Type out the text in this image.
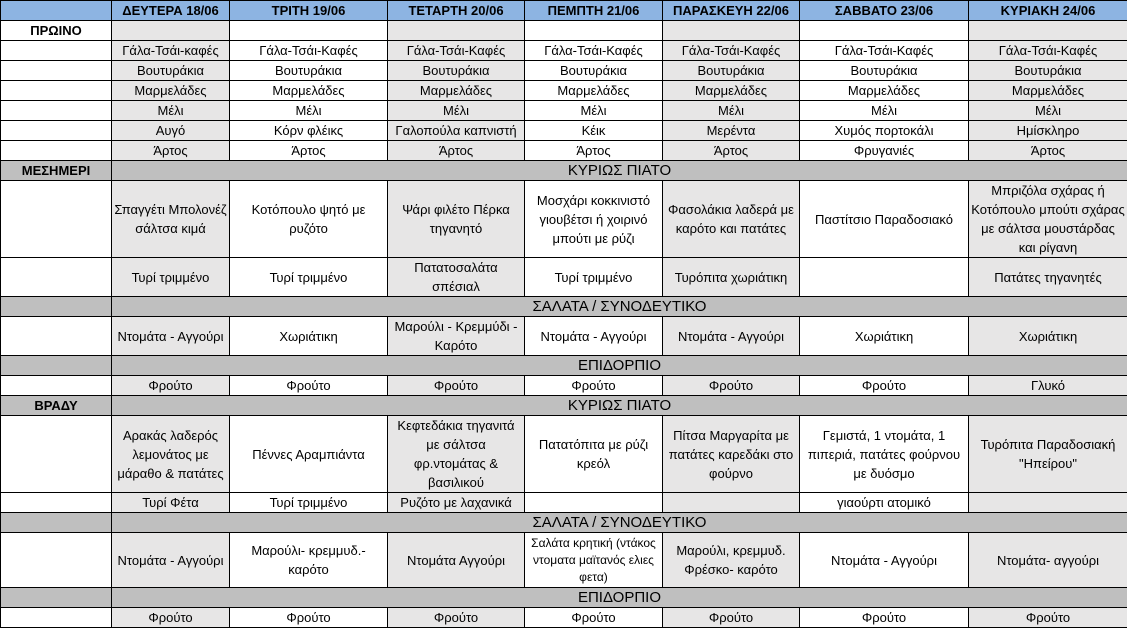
	ΔΕΥΤΕΡΑ 18/06	ΤΡΙΤΗ 19/06	ΤΕΤΑΡΤΗ 20/06	ΠΕΜΠΤΗ 21/06	ΠΑΡΑΣΚΕΥΗ 22/06	ΣΑΒΒΑΤΟ 23/06	ΚΥΡΙΑΚΗ 24/06
ΠΡΩΙΝΟ							
	Γάλα-Τσάι-καφές	Γάλα-Τσάι-Καφές	Γάλα-Τσάι-Καφές	Γάλα-Τσάι-Καφές	Γάλα-Τσάι-Καφές	Γάλα-Τσάι-Καφές	Γάλα-Τσάι-Καφές
	Βουτυράκια	Βουτυράκια	Βουτυράκια	Βουτυράκια	Βουτυράκια	Βουτυράκια	Βουτυράκια
	Μαρμελάδες	Μαρμελάδες	Μαρμελάδες	Μαρμελάδες	Μαρμελάδες	Μαρμελάδες	Μαρμελάδες
	Μέλι	Μέλι	Μέλι	Μέλι	Μέλι	Μέλι	Μέλι
	Αυγό	Κόρν φλέικς	Γαλοπούλα καπνιστή	Κέικ	Μερέντα	Χυμός πορτοκάλι	Ημίσκληρο
	Άρτος	Άρτος	Άρτος	Άρτος	Άρτος	Φρυγανιές	Άρτος
ΜΕΣΗΜΕΡΙ	ΚΥΡΙΩΣ ΠΙΑΤΟ						
	Σπαγγέτι Μπολονέζ σάλτσα κιμά	Κοτόπουλο ψητό με ρυζότο	Ψάρι φιλέτο Πέρκα τηγανητό	Μοσχάρι κοκκινιστό γιουβέτσι ή χοιρινό μπούτι με ρύζι	Φασολάκια λαδερά με καρότο και πατάτες	Παστίτσιο Παραδοσιακό	Μπριζόλα σχάρας ή Κοτόπουλο μπούτι σχάρας με σάλτσα μουστάρδας και ρίγανη
	Τυρί τριμμένο	Τυρί τριμμένο	Πατατοσαλάτα σπέσιαλ	Τυρί τριμμένο	Τυρόπιτα χωριάτικη		Πατάτες τηγανητές
	ΣΑΛΑΤΑ / ΣΥΝΟΔΕΥΤΙΚΟ						
	Ντομάτα - Αγγούρι	Χωριάτικη	Μαρούλι - Κρεμμύδι - Καρότο	Ντομάτα - Αγγούρι	Ντομάτα - Αγγούρι	Χωριάτικη	Χωριάτικη
	ΕΠΙΔΟΡΠΙΟ						
	Φρούτο	Φρούτο	Φρούτο	Φρούτο	Φρούτο	Φρούτο	Γλυκό
ΒΡΑΔΥ	ΚΥΡΙΩΣ ΠΙΑΤΟ						
	Αρακάς λαδερός λεμονάτος με μάραθο & πατάτες	Πέννες Αραμπιάντα	Κεφτεδάκια τηγανιτά με σάλτσα φρ.ντομάτας & βασιλικού	Πατατόπιτα με ρύζι κρεόλ	Πίτσα Μαργαρίτα με πατάτες καρεδάκι στο φούρνο	Γεμιστά, 1 ντομάτα, 1 πιπεριά, πατάτες φούρνου με δυόσμο	Τυρόπιτα Παραδοσιακή "Ηπείρου"
	Τυρί Φέτα	Τυρί τριμμένο	Ρυζότο με λαχανικά			γιαούρτι ατομικό	
	ΣΑΛΑΤΑ / ΣΥΝΟΔΕΥΤΙΚΟ						
	Ντομάτα - Αγγούρι	Μαρούλι- κρεμμυδ.- καρότο	Ντομάτα Αγγούρι	Σαλάτα κρητική (ντάκος ντοματα μαϊτανός ελιες φετα)	Μαρούλι, κρεμμυδ. Φρέσκο- καρότο	Ντομάτα - Αγγούρι	Ντομάτα- αγγούρι
	ΕΠΙΔΟΡΠΙΟ						
	Φρούτο	Φρούτο	Φρούτο	Φρούτο	Φρούτο	Φρούτο	Φρούτο
